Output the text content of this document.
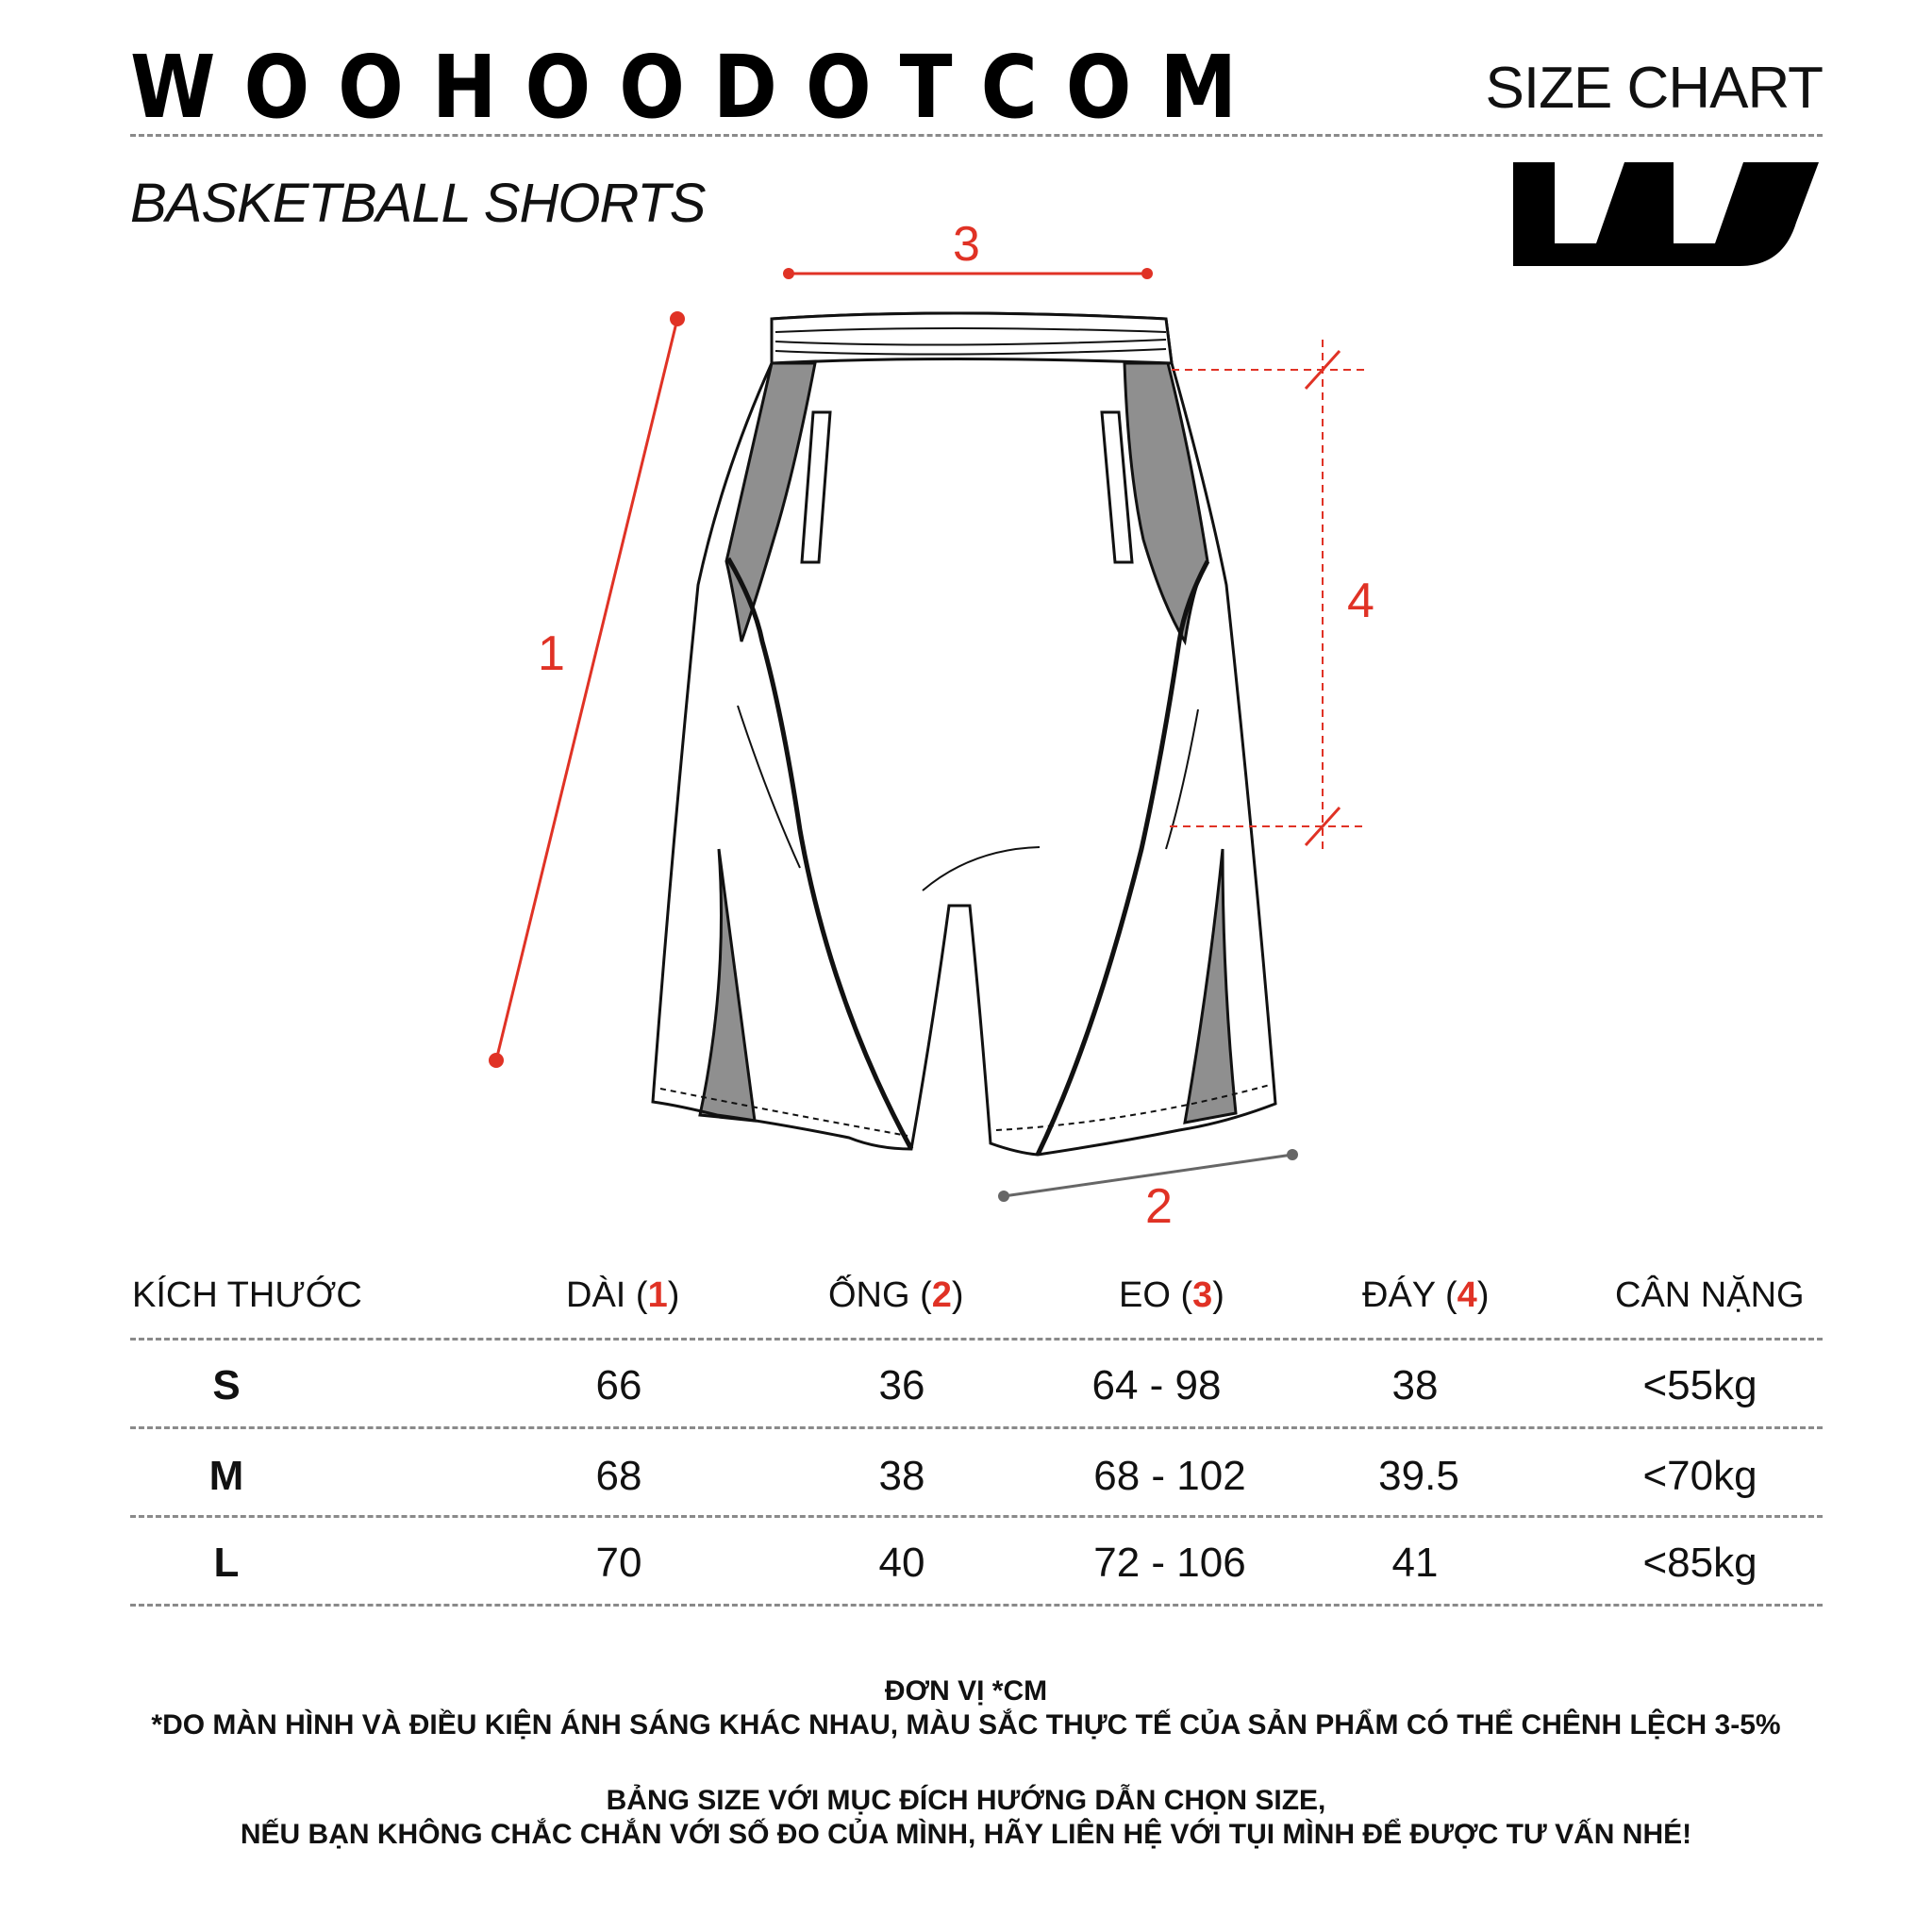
WOOHOODOTCOM	SIZE CHART
BASKETBALL SHORTS
1
2
3
4
KÍCH THƯỚC	DÀI (1)	ỐNG (2)	EO (3)	ĐÁY (4)	CÂN NẶNG
S	66	36	64 - 98	38	<55kg
M	68	38	68 - 102	39.5	<70kg
L	70	40	72 - 106	41	<85kg
ĐƠN VỊ *CM
*DO MÀN HÌNH VÀ ĐIỀU KIỆN ÁNH SÁNG KHÁC NHAU, MÀU SẮC THỰC TẾ CỦA SẢN PHẨM CÓ THỂ CHÊNH LỆCH 3-5%
BẢNG SIZE VỚI MỤC ĐÍCH HƯỚNG DẪN CHỌN SIZE,
NẾU BẠN KHÔNG CHẮC CHẮN VỚI SỐ ĐO CỦA MÌNH, HÃY LIÊN HỆ VỚI TỤI MÌNH ĐỂ ĐƯỢC TƯ VẤN NHÉ!
